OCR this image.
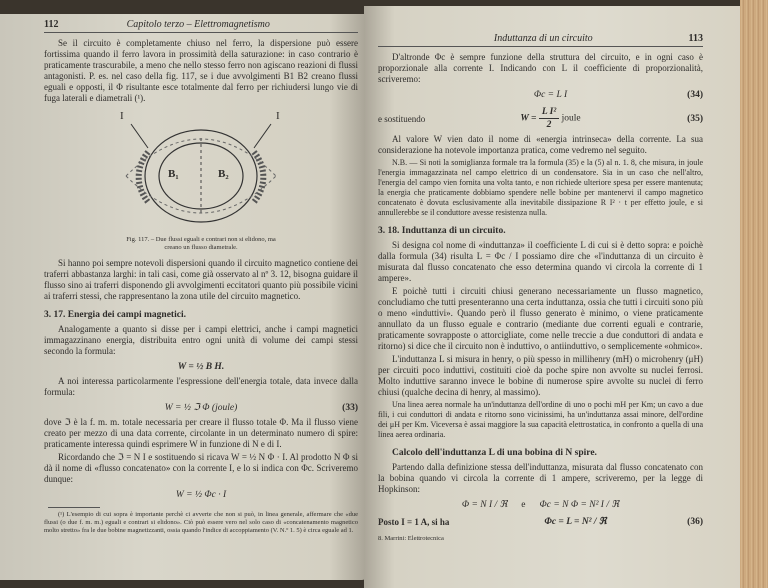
112	Capitolo terzo – Elettromagnetismo

Se il circuito è completamente chiuso nel ferro, la dispersione può essere fortissima quando il ferro lavora in prossimità della saturazione: in caso contrario è praticamente trascurabile, a meno che nello stesso ferro non agiscano reazioni di flussi antagonisti. P. es. nel caso della fig. 117, se i due avvolgimenti B1 B2 creano flussi eguali e opposti, il Φ risultante esce totalmente dal ferro per richiudersi lungo vie di fuga laterali e diametrali (¹).

I	I
B₁	B₂

Fig. 117. – Due flussi eguali e contrari non si elidono, ma creano un flusso diametrale.

Si hanno poi sempre notevoli dispersioni quando il circuito magnetico contiene dei traferri abbastanza larghi: in tali casi, come già osservato al nº 3. 12, bisogna guidare il flusso sino ai traferri disponendo gli avvolgimenti eccitatori quanto più possibile vicini ai traferri stessi, che rappresentano la zona utile del circuito magnetico.

3. 17. Energia dei campi magnetici.

Analogamente a quanto si disse per i campi elettrici, anche i campi magnetici immagazzinano energia, distribuita entro ogni unità di volume dei campi stessi secondo la formula:

W = ½ B H.

A noi interessa particolarmente l'espressione dell'energia totale, data invece dalla formula:

W = ½ ℑ Φ (joule)	(33)

dove ℑ è la f. m. m. totale necessaria per creare il flusso totale Φ. Ma il flusso viene creato per mezzo di una data corrente, circolante in un determinato numero di spire: praticamente interessa quindi esprimere W in funzione di N e di I.

Ricordando che ℑ = N I e sostituendo si ricava W = ½ N Φ · I. Al prodotto N Φ si dà il nome di «flusso concatenato» con la corrente I, e lo si indica con Φc. Scriveremo dunque:

W = ½ Φc · I

(¹) L'esempio di cui sopra è importante perchè ci avverte che non si può, in linea generale, affermare che «due flussi (o due f. m. m.) eguali e contrari si elidono». Ciò può essere vero nel solo caso di «concatenamento magnetico molto stretto» fra le due bobine magnetizzanti, ossia quando l'indice di accoppiamento (V. N.º 1. 5) è circa eguale ad 1.

Induttanza di un circuito	113

D'altronde Φc è sempre funzione della struttura del circuito, e in ogni caso è proporzionale alla corrente I. Indicando con L il coefficiente di proporzionalità, scriveremo:

Φc = L I	(34)
e sostituendo	$W = \frac{\text{L I²}}{2}$ joule	(35)

Al valore W vien dato il nome di «energia intrinseca» della corrente. La sua considerazione ha notevole importanza pratica, come vedremo nel seguito.

N.B. — Si noti la somiglianza formale tra la formula (35) e la (5) al n. 1. 8, che misura, in joule l'energia immagazzinata nel campo elettrico di un condensatore. Sia in un caso che nell'altro, l'energia del campo vien fornita una volta tanto, e non richiede ulteriore spesa per essere mantenuta; la energia che praticamente dobbiamo spendere nelle bobine per mantenervi il campo magnetico concatenato è dovuta esclusivamente alla inevitabile dissipazione R I² · t per effetto joule, e si annullerebbe se il conduttore avesse resistenza nulla.

3. 18. Induttanza di un circuito.

Si designa col nome di «induttanza» il coefficiente L di cui si è detto sopra: e poichè dalla formula (34) risulta L = Φc / I possiamo dire che «l'induttanza di un circuito è misurata dal flusso concatenato che esso determina quando vi circola la corrente di 1 ampere».

E poichè tutti i circuiti chiusi generano necessariamente un flusso magnetico, concludiamo che tutti presenteranno una certa induttanza, ossia che tutti i circuiti sono più o meno «induttivi». Quando però il flusso generato è minimo, o viene praticamente annullato da un flusso eguale e contrario (mediante due correnti eguali e contrarie, praticamente sovrapposte o attorcigliate, come nelle treccie a due conduttori di andata e ritorno) si dice che il circuito non è induttivo, o antiinduttivo, o semplicemente «ohmico».

L'induttanza L si misura in henry, o più spesso in millihenry (mH) o microhenry (μH) per circuiti poco induttivi, costituiti cioè da poche spire non avvolte su nuclei ferrosi. Molto induttive saranno invece le bobine di numerose spire avvolte su nuclei di ferro chiusi (qualche decina di henry, al massimo).

Una linea aerea normale ha un'induttanza dell'ordine di uno o pochi mH per Km; un cavo a due fili, i cui conduttori di andata e ritorno sono vicinissimi, ha un'induttanza assai minore, dell'ordine dei μH per Km. Viceversa è assai maggiore la sua capacità elettrostatica, in confronto a quella di una linea aerea ordinaria.

Calcolo dell'induttanza L di una bobina di N spire.

Partendo dalla definizione stessa dell'induttanza, misurata dal flusso concatenato con la bobina quando vi circola la corrente di 1 ampere, scriveremo, per la legge di Hopkinson:

Φ = N I / ℜ e Φc = N Φ = N² I / ℜ
Posto I = 1 A, si ha	Φc = L = N² / ℜ	(36)

8. Marrini: Elettrotecnica
